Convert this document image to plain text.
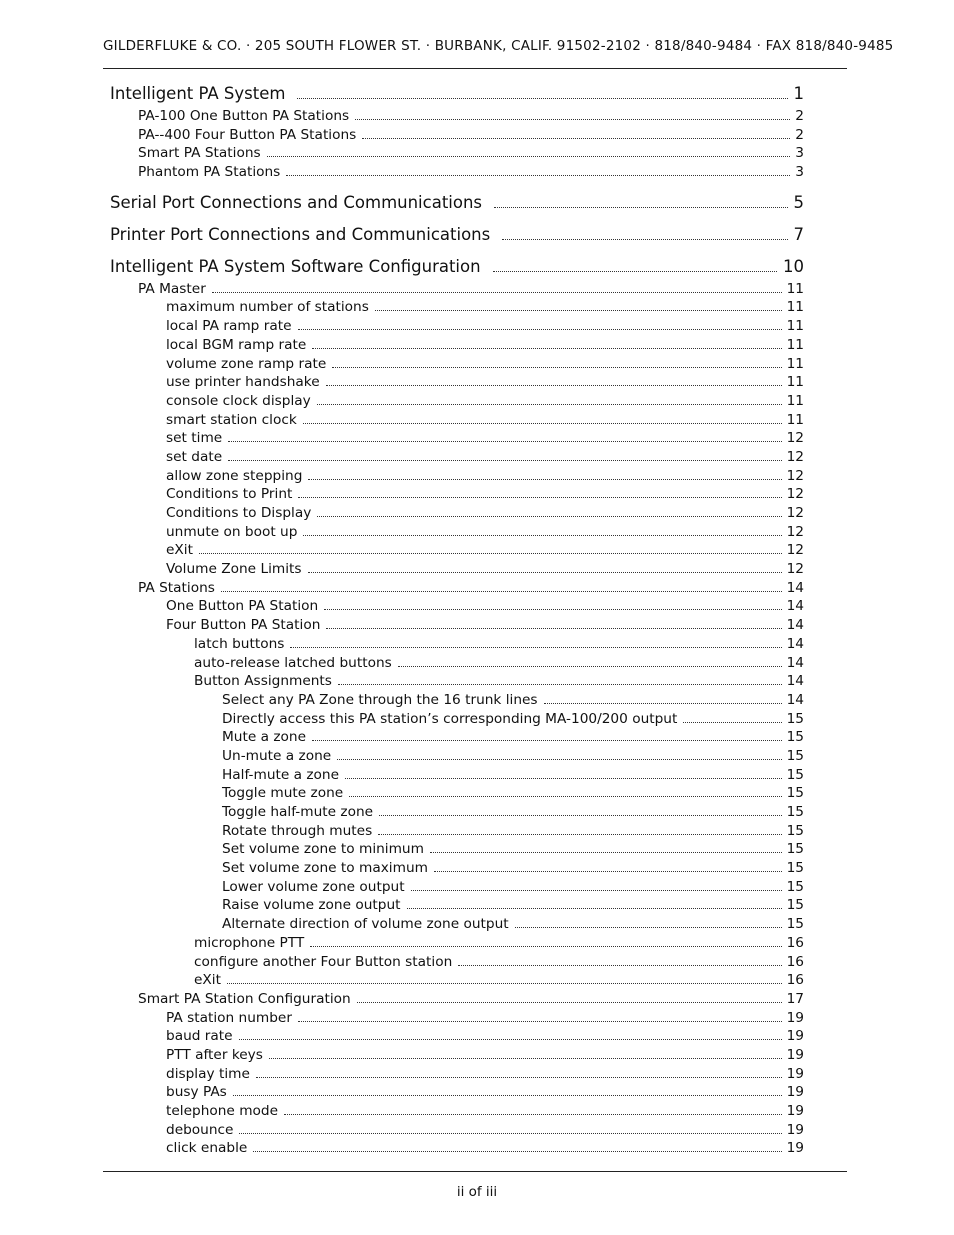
GILDERFLUKE & CO. · 205 SOUTH FLOWER ST. · BURBANK, CALIF. 91502-2102 · 818/840-9484 · FAX 818/840-9485
Intelligent PA System	1
PA-100 One Button PA Stations	2
PA--400 Four Button PA Stations	2
Smart PA Stations	3
Phantom PA Stations	3
Serial Port Connections and Communications	5
Printer Port Connections and Communications	7
Intelligent PA System Software Configuration	10
PA Master	11
maximum number of stations	11
local PA ramp rate	11
local BGM ramp rate	11
volume zone ramp rate	11
use printer handshake	11
console clock display	11
smart station clock	11
set time	12
set date	12
allow zone stepping	12
Conditions to Print	12
Conditions to Display	12
unmute on boot up	12
eXit	12
Volume Zone Limits	12
PA Stations	14
One Button PA Station	14
Four Button PA Station	14
latch buttons	14
auto-release latched buttons	14
Button Assignments	14
Select any PA Zone through the 16 trunk lines	14
Directly access this PA station’s corresponding MA-100/200 output	15
Mute a zone	15
Un-mute a zone	15
Half-mute a zone	15
Toggle mute zone	15
Toggle half-mute zone	15
Rotate through mutes	15
Set volume zone to minimum	15
Set volume zone to maximum	15
Lower volume zone output	15
Raise volume zone output	15
Alternate direction of volume zone output	15
microphone PTT	16
configure another Four Button station	16
eXit	16
Smart PA Station Configuration	17
PA station number	19
baud rate	19
PTT after keys	19
display time	19
busy PAs	19
telephone mode	19
debounce	19
click enable	19
ii of iii
